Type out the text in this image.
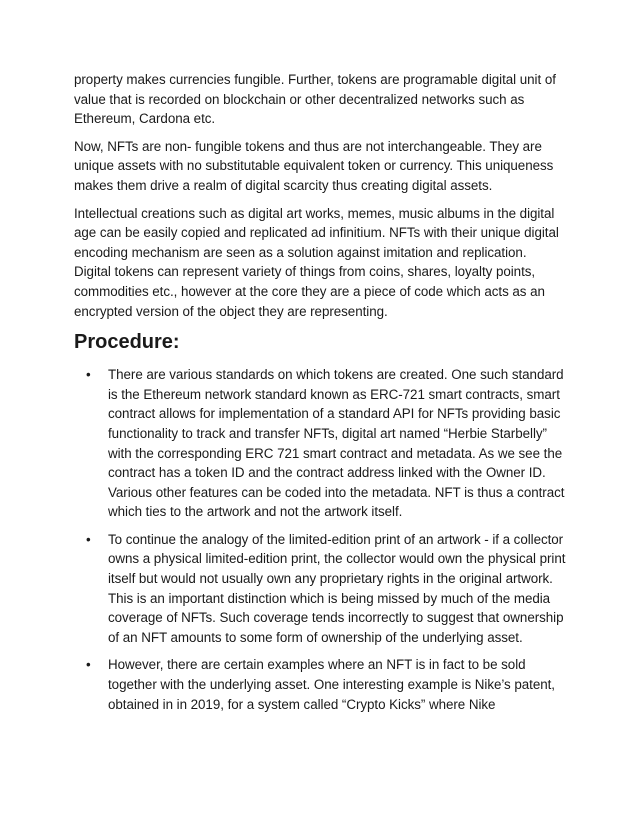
property makes currencies fungible. Further, tokens are programable digital unit of value that is recorded on blockchain or other decentralized networks such as Ethereum, Cardona etc.

Now, NFTs are non- fungible tokens and thus are not interchangeable. They are unique assets with no substitutable equivalent token or currency. This uniqueness makes them drive a realm of digital scarcity thus creating digital assets.

Intellectual creations such as digital art works, memes, music albums in the digital age can be easily copied and replicated ad infinitium. NFTs with their unique digital encoding mechanism are seen as a solution against imitation and replication. Digital tokens can represent variety of things from coins, shares, loyalty points, commodities etc., however at the core they are a piece of code which acts as an encrypted version of the object they are representing.

Procedure:
• There are various standards on which tokens are created. One such standard is the Ethereum network standard known as ERC-721 smart contracts, smart contract allows for implementation of a standard API for NFTs providing basic functionality to track and transfer NFTs, digital art named “Herbie Starbelly” with the corresponding ERC 721 smart contract and metadata. As we see the contract has a token ID and the contract address linked with the Owner ID. Various other features can be coded into the metadata. NFT is thus a contract which ties to the artwork and not the artwork itself.
• To continue the analogy of the limited-edition print of an artwork - if a collector owns a physical limited-edition print, the collector would own the physical print itself but would not usually own any proprietary rights in the original artwork. This is an important distinction which is being missed by much of the media coverage of NFTs. Such coverage tends incorrectly to suggest that ownership of an NFT amounts to some form of ownership of the underlying asset.
• However, there are certain examples where an NFT is in fact to be sold together with the underlying asset. One interesting example is Nike’s patent, obtained in in 2019, for a system called “Crypto Kicks” where Nike
